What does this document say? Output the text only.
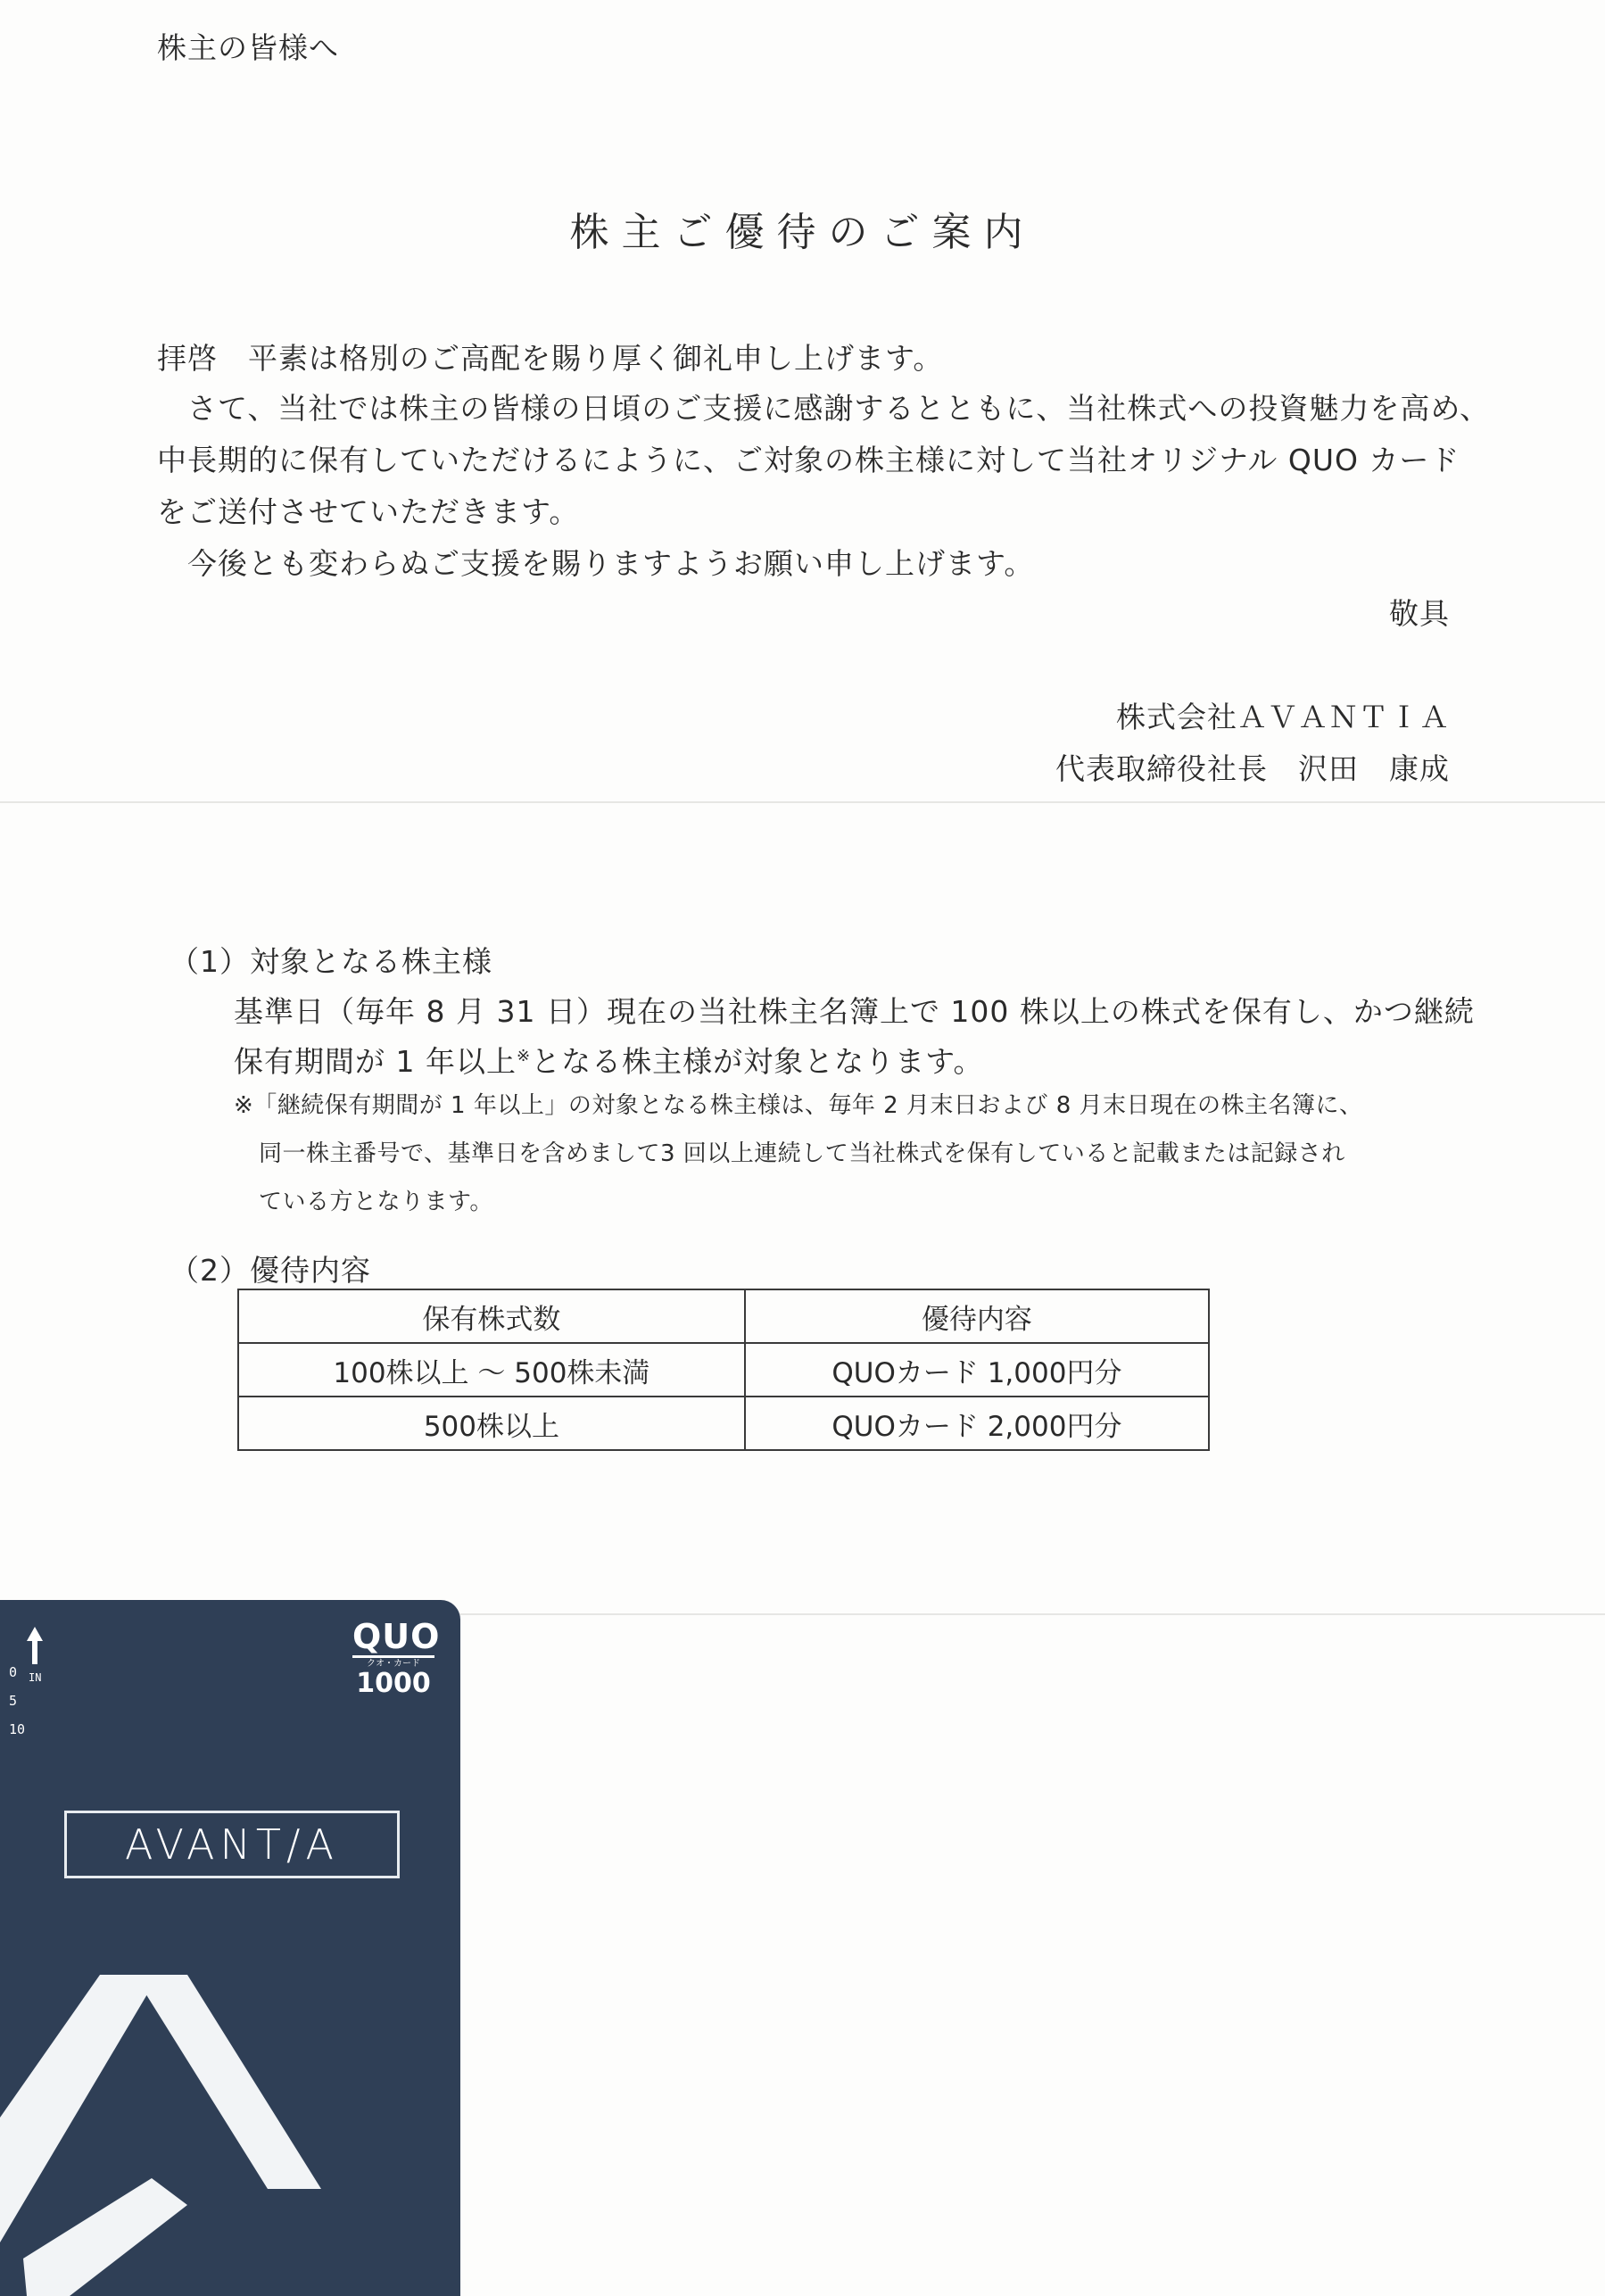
株主の皆様へ
株主ご優待のご案内
拝啓　平素は格別のご高配を賜り厚く御礼申し上げます。
　さて、当社では株主の皆様の日頃のご支援に感謝するとともに、当社株式への投資魅力を高め、
中長期的に保有していただけるにように、ご対象の株主様に対して当社オリジナル QUO カード
をご送付させていただきます。
　今後とも変わらぬご支援を賜りますようお願い申し上げます。
敬具
株式会社ＡＶＡＮＴＩＡ
代表取締役社長　沢田　康成
（1）対象となる株主様
基準日（毎年 8 月 31 日）現在の当社株主名簿上で 100 株以上の株式を保有し、かつ継続
保有期間が 1 年以上※となる株主様が対象となります。
※「継続保有期間が 1 年以上」の対象となる株主様は、毎年 2 月末日および 8 月末日現在の株主名簿に、
同一株主番号で、基準日を含めまして3 回以上連続して当社株式を保有していると記載または記録され
ている方となります。
（2）優待内容
保有株式数	優待内容
100株以上 〜 500株未満	QUOカード 1,000円分
500株以上	QUOカード 2,000円分
0 IN
5
10
QUO
クオ・カード
1000
AVANT/A
